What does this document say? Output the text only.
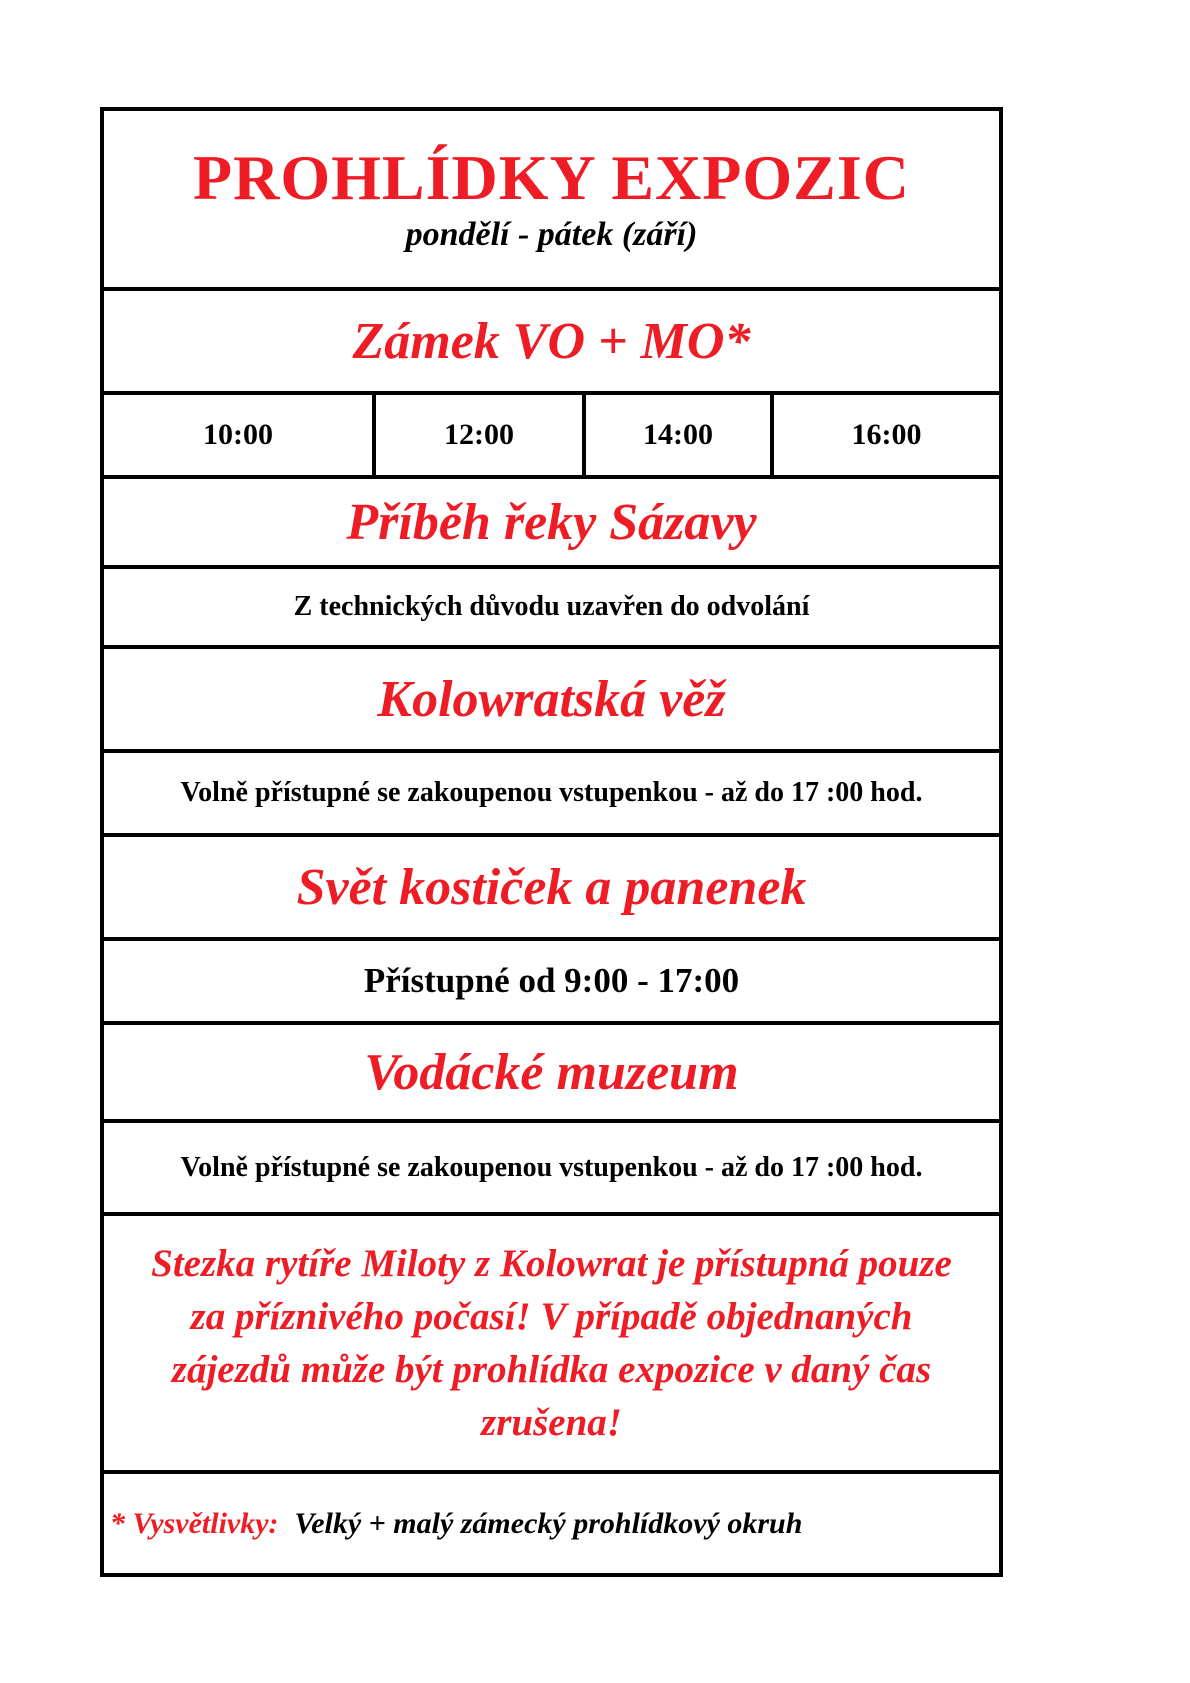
PROHLÍDKY EXPOZIC
pondělí - pátek (září)
Zámek VO + MO*
10:00	12:00	14:00	16:00
Příběh řeky Sázavy
Z technických důvodu uzavřen do odvolání
Kolowratská věž
Volně přístupné se zakoupenou vstupenkou - až do 17 :00 hod.
Svět kostiček a panenek
Přístupné od 9:00 - 17:00
Vodácké muzeum
Volně přístupné se zakoupenou vstupenkou - až do 17 :00 hod.
Stezka rytíře Miloty z Kolowrat je přístupná pouze za příznivého počasí! V případě objednaných zájezdů může být prohlídka expozice v daný čas zrušena!
* Vysvětlivky: Velký + malý zámecký prohlídkový okruh
